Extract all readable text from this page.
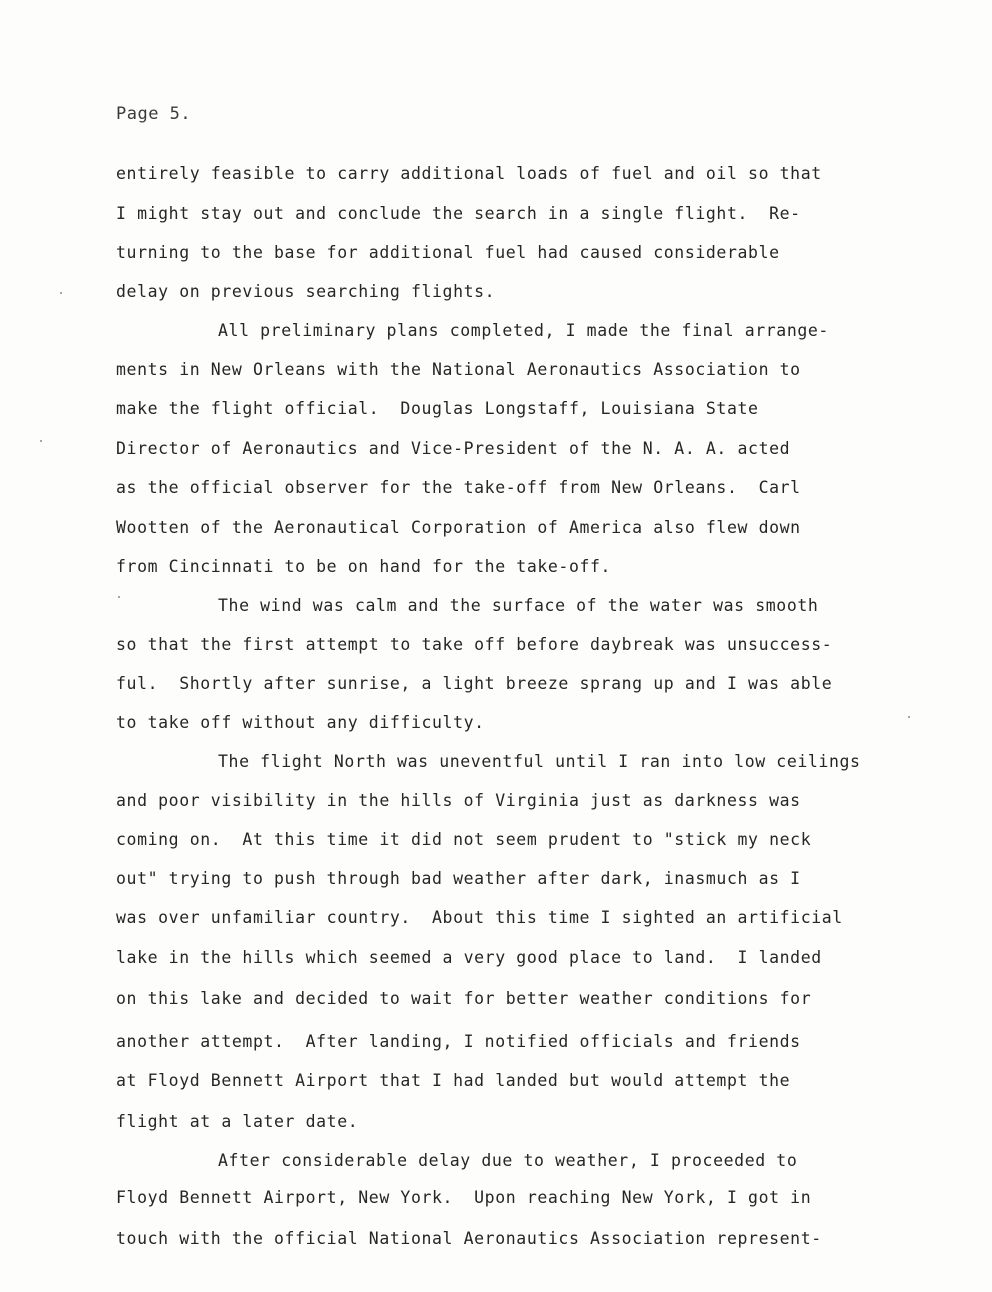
Page 5.
entirely feasible to carry additional loads of fuel and oil so that
I might stay out and conclude the search in a single flight.  Re-
turning to the base for additional fuel had caused considerable
delay on previous searching flights.
All preliminary plans completed, I made the final arrange-
ments in New Orleans with the National Aeronautics Association to
make the flight official.  Douglas Longstaff, Louisiana State
Director of Aeronautics and Vice-President of the N. A. A. acted
as the official observer for the take-off from New Orleans.  Carl
Wootten of the Aeronautical Corporation of America also flew down
from Cincinnati to be on hand for the take-off.
The wind was calm and the surface of the water was smooth
so that the first attempt to take off before daybreak was unsuccess-
ful.  Shortly after sunrise, a light breeze sprang up and I was able
to take off without any difficulty.
The flight North was uneventful until I ran into low ceilings
and poor visibility in the hills of Virginia just as darkness was
coming on.  At this time it did not seem prudent to "stick my neck
out" trying to push through bad weather after dark, inasmuch as I
was over unfamiliar country.  About this time I sighted an artificial
lake in the hills which seemed a very good place to land.  I landed
on this lake and decided to wait for better weather conditions for
another attempt.  After landing, I notified officials and friends
at Floyd Bennett Airport that I had landed but would attempt the
flight at a later date.
After considerable delay due to weather, I proceeded to
Floyd Bennett Airport, New York.  Upon reaching New York, I got in
touch with the official National Aeronautics Association represent-
